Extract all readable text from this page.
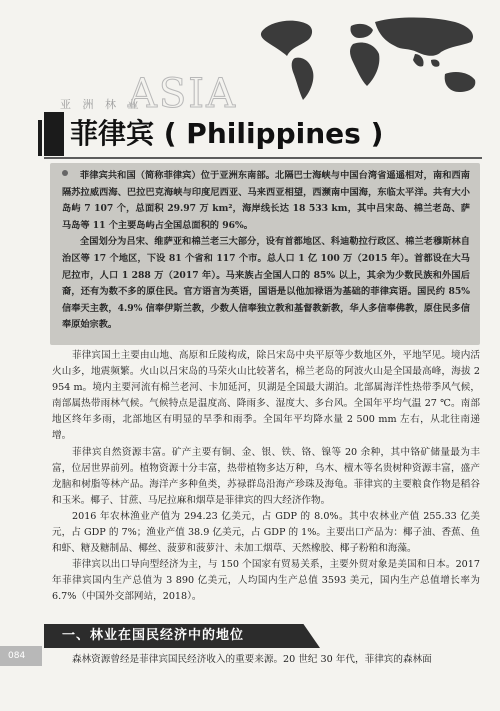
亚 洲 林 业
ASIA
菲律宾 ( Philippines )

菲律宾共和国（简称菲律宾）位于亚洲东南部。北隔巴士海峡与中国台湾省遥遥相对，南和西南隔苏拉威西海、巴拉巴克海峡与印度尼西亚、马来西亚相望，西濒南中国海，东临太平洋。共有大小岛屿 7 107 个，总面积 29.97 万 km²，海岸线长达 18 533 km，其中吕宋岛、棉兰老岛、萨马岛等 11 个主要岛屿占全国总面积的 96%。

全国划分为吕宋、维萨亚和棉兰老三大部分，设有首都地区、科迪勒拉行政区、棉兰老穆斯林自治区等 17 个地区，下设 81 个省和 117 个市。总人口 1 亿 100 万（2015 年）。首都设在大马尼拉市，人口 1 288 万（2017 年）。马来族占全国人口的 85% 以上，其余为少数民族和外国后裔，还有为数不多的原住民。官方语言为英语，国语是以他加禄语为基础的菲律宾语。国民约 85% 信奉天主教，4.9% 信奉伊斯兰教，少数人信奉独立教和基督教新教，华人多信奉佛教，原住民多信奉原始宗教。

菲律宾国土主要由山地、高原和丘陵构成，除吕宋岛中央平原等少数地区外，平地罕见。境内活火山多，地震频繁。火山以吕宋岛的马荣火山比较著名，棉兰老岛的阿波火山是全国最高峰，海拔 2 954 m。境内主要河流有棉兰老河、卡加延河，贝湖是全国最大湖泊。北部属海洋性热带季风气候，南部属热带雨林气候。气候特点是温度高、降雨多、湿度大、多台风。全国年平均气温 27 ℃。南部地区终年多雨，北部地区有明显的旱季和雨季。全国年平均降水量 2 500 mm 左右，从北往南递增。

菲律宾自然资源丰富。矿产主要有铜、金、银、铁、铬、镍等 20 余种，其中铬矿储量最为丰富，位居世界前列。植物资源十分丰富，热带植物多达万种，乌木、檀木等名贵树种资源丰富，盛产龙脑和树脂等林产品。海洋产多种鱼类，苏禄群岛沿海产珍珠及海龟。菲律宾的主要粮食作物是稻谷和玉米。椰子、甘蔗、马尼拉麻和烟草是菲律宾的四大经济作物。

2016 年农林渔业产值为 294.23 亿美元，占 GDP 的 8.0%。其中农林业产值 255.33 亿美元，占 GDP 的 7%；渔业产值 38.9 亿美元，占 GDP 的 1%。主要出口产品为：椰子油、香蕉、鱼和虾、糖及糖制品、椰丝、菠萝和菠萝汁、未加工烟草、天然橡胶、椰子粉粕和海藻。

菲律宾以出口导向型经济为主，与 150 个国家有贸易关系，主要外贸对象是美国和日本。2017 年菲律宾国内生产总值为 3 890 亿美元，人均国内生产总值 3593 美元，国内生产总值增长率为 6.7%（中国外交部网站，2018）。

一、林业在国民经济中的地位
084	森林资源曾经是菲律宾国民经济收入的重要来源。20 世纪 30 年代，菲律宾的森林面
